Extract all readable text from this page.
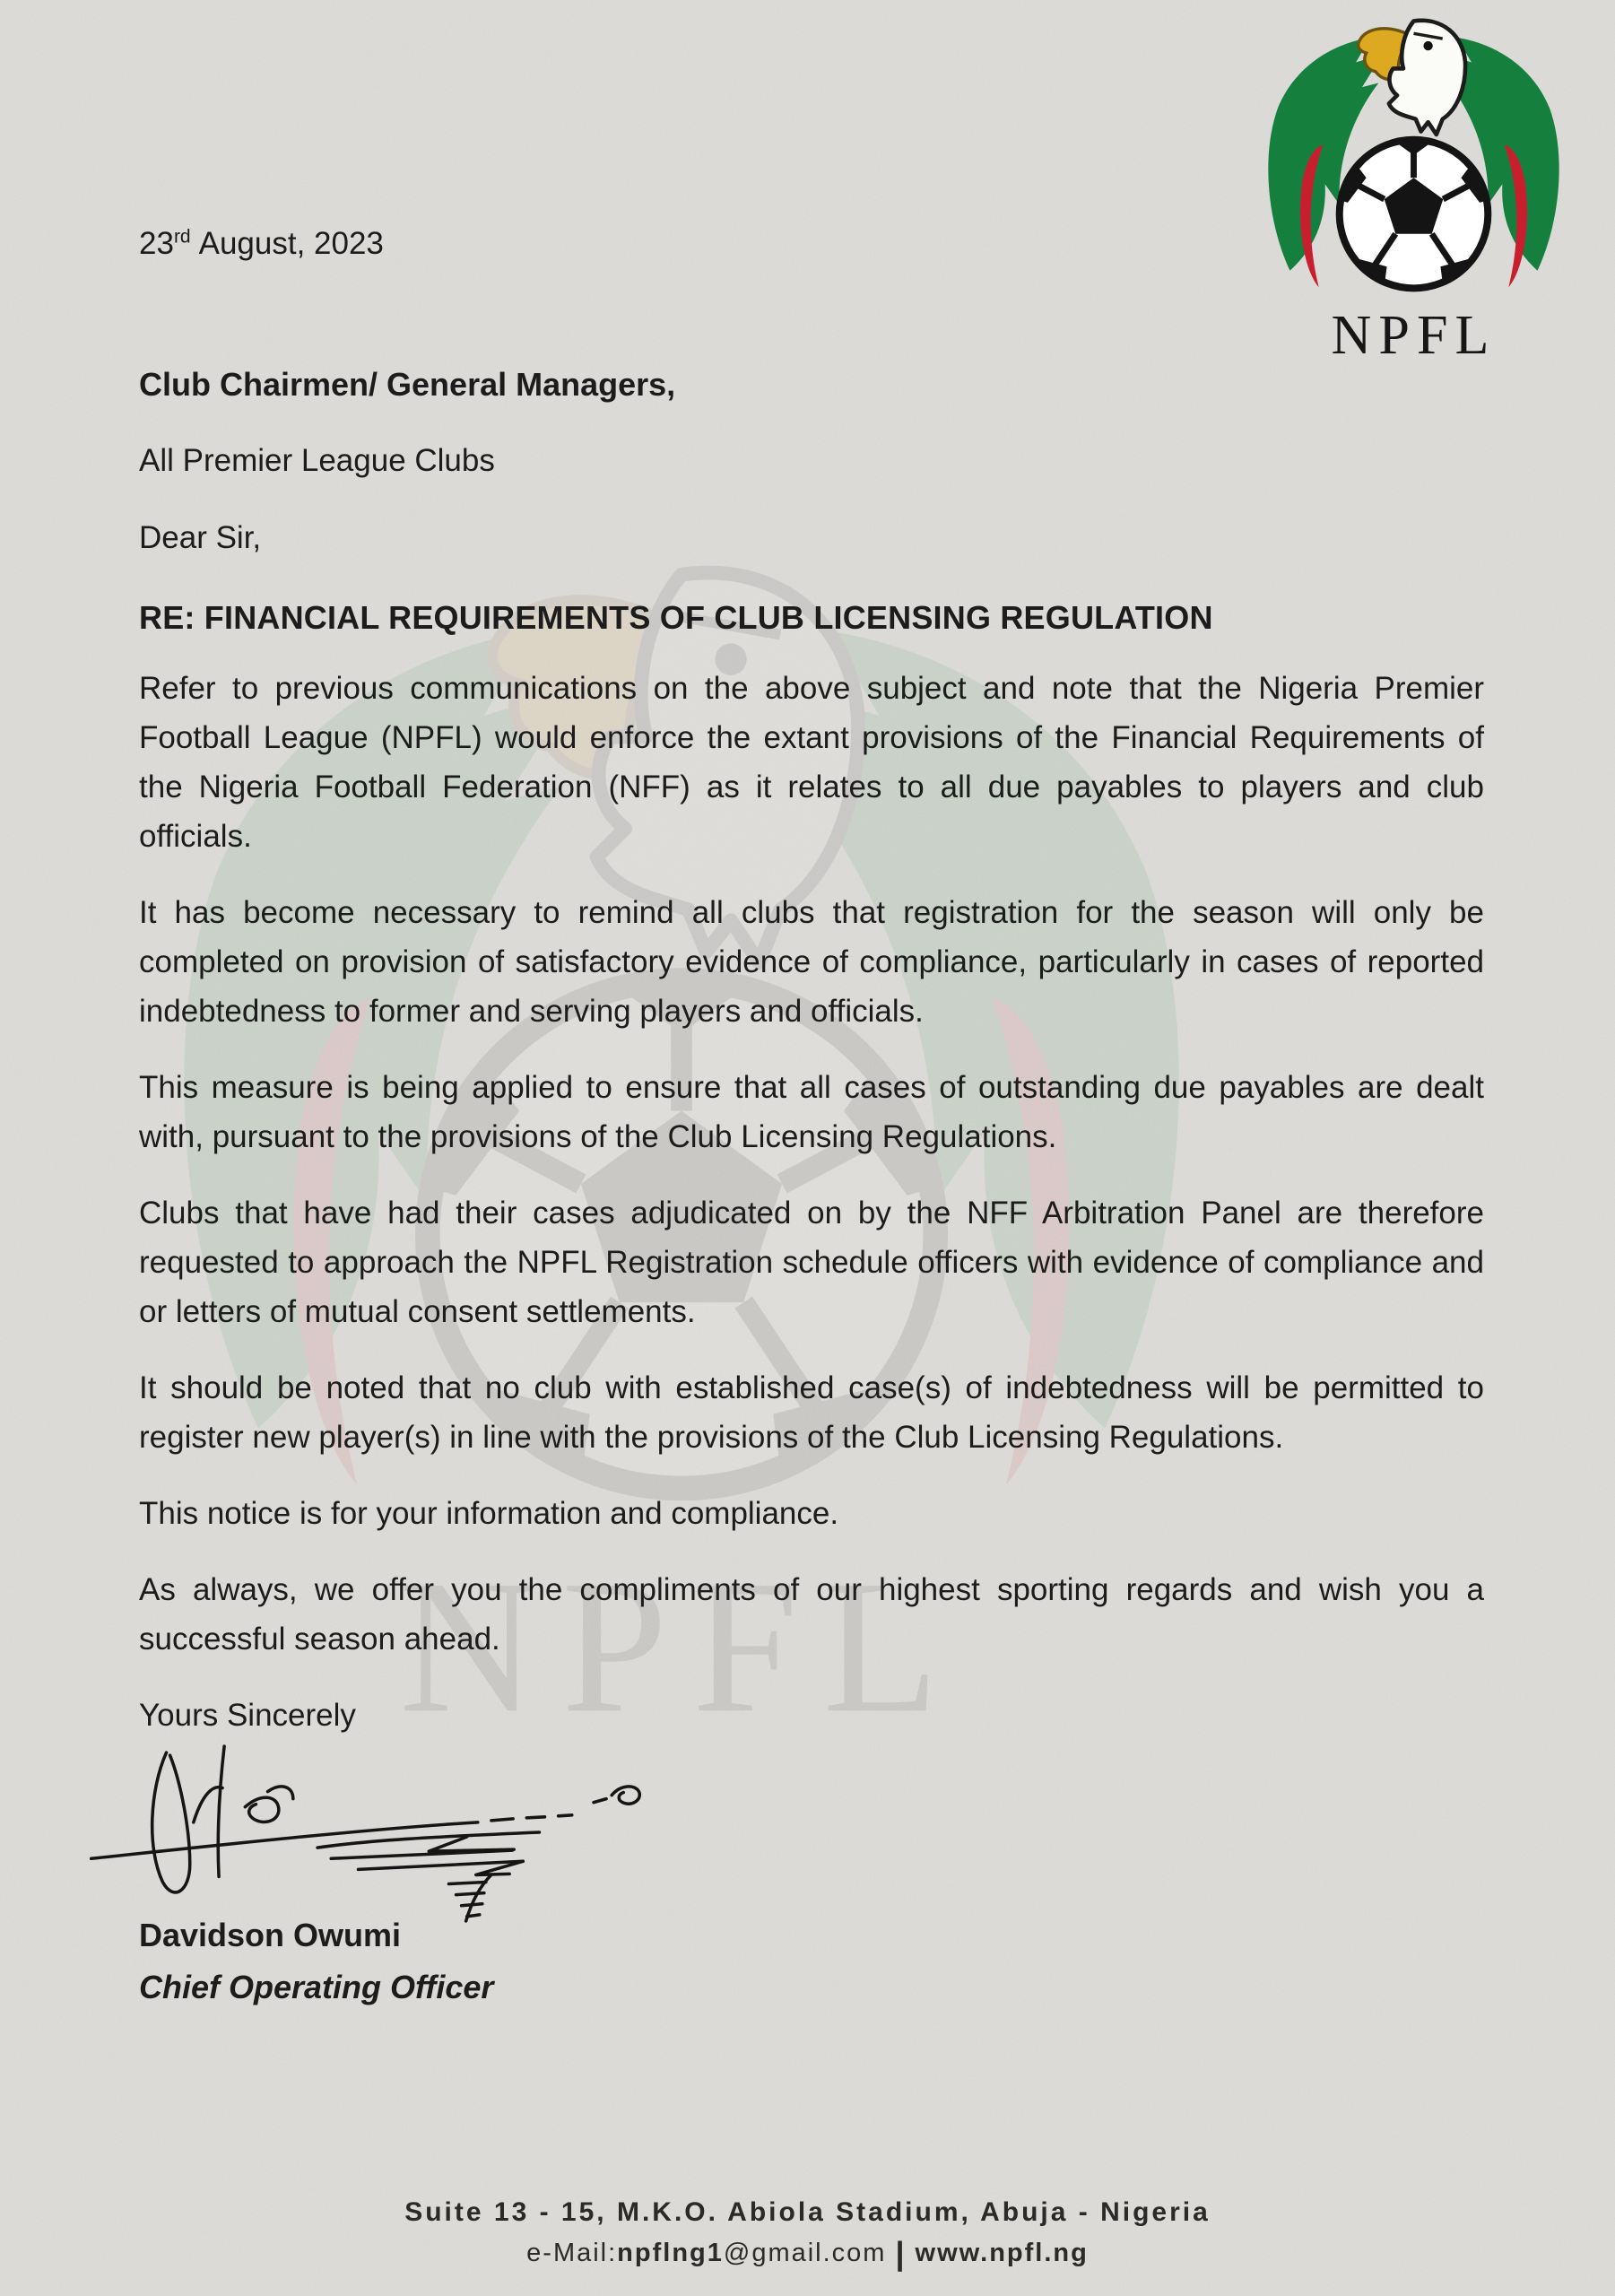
23rd August, 2023
Club Chairmen/ General Managers,
All Premier League Clubs
Dear Sir,
RE: FINANCIAL REQUIREMENTS OF CLUB LICENSING REGULATION

Refer to previous communications on the above subject and note that the Nigeria Premier Football League (NPFL) would enforce the extant provisions of the Financial Requirements of the Nigeria Football Federation (NFF) as it relates to all due payables to players and club officials.

It has become necessary to remind all clubs that registration for the season will only be completed on provision of satisfactory evidence of compliance, particularly in cases of reported indebtedness to former and serving players and officials.

This measure is being applied to ensure that all cases of outstanding due payables are dealt with, pursuant to the provisions of the Club Licensing Regulations.

Clubs that have had their cases adjudicated on by the NFF Arbitration Panel are therefore requested to approach the NPFL Registration schedule officers with evidence of compliance and or letters of mutual consent settlements.

It should be noted that no club with established case(s) of indebtedness will be permitted to register new player(s) in line with the provisions of the Club Licensing Regulations.

This notice is for your information and compliance.

As always, we offer you the compliments of our highest sporting regards and wish you a successful season ahead.

Yours Sincerely
Davidson Owumi
Chief Operating Officer
Suite 13 - 15, M.K.O. Abiola Stadium, Abuja - Nigeria
e-Mail:npflng1@gmail.com | www.npfl.ng
